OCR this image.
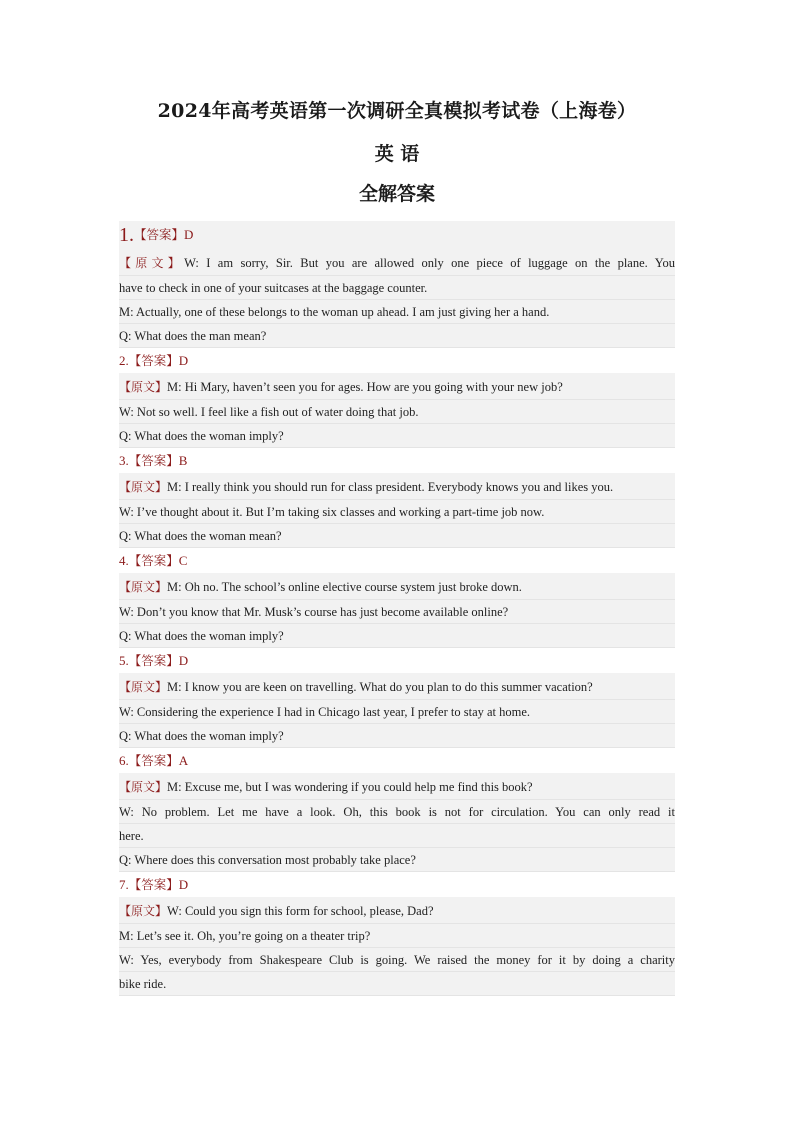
2024年高考英语第一次调研全真模拟考试卷（上海卷）
英 语
全解答案
1.【答案】D
【原文】W: I am sorry, Sir. But you are allowed only one piece of luggage on the plane. You
have to check in one of your suitcases at the baggage counter.
M: Actually, one of these belongs to the woman up ahead. I am just giving her a hand.
Q: What does the man mean?
2.【答案】D
【原文】M: Hi Mary, haven’t seen you for ages. How are you going with your new job?
W: Not so well. I feel like a fish out of water doing that job.
Q: What does the woman imply?
3.【答案】B
【原文】M: I really think you should run for class president. Everybody knows you and likes you.
W: I’ve thought about it. But I’m taking six classes and working a part-time job now.
Q: What does the woman mean?
4.【答案】C
【原文】M: Oh no. The school’s online elective course system just broke down.
W: Don’t you know that Mr. Musk’s course has just become available online?
Q: What does the woman imply?
5.【答案】D
【原文】M: I know you are keen on travelling. What do you plan to do this summer vacation?
W: Considering the experience I had in Chicago last year, I prefer to stay at home.
Q: What does the woman imply?
6.【答案】A
【原文】M: Excuse me, but I was wondering if you could help me find this book?
W: No problem. Let me have a look. Oh, this book is not for circulation. You can only read it
here.
Q: Where does this conversation most probably take place?
7.【答案】D
【原文】W: Could you sign this form for school, please, Dad?
M: Let’s see it. Oh, you’re going on a theater trip?
W: Yes, everybody from Shakespeare Club is going. We raised the money for it by doing a charity
bike ride.
